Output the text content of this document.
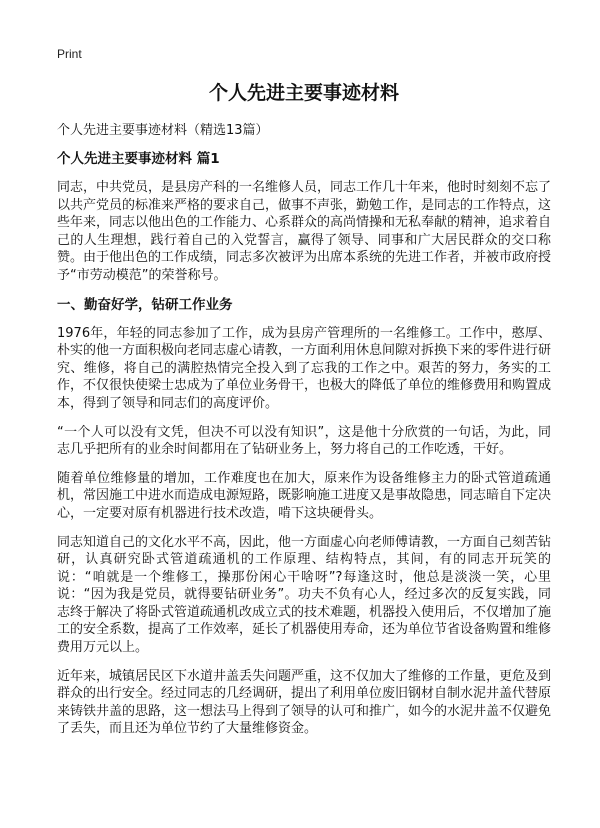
Print
个人先进主要事迹材料
个人先进主要事迹材料（精选13篇）
个人先进主要事迹材料 篇1

同志，中共党员，是县房产科的一名维修人员，同志工作几十年来，他时时刻刻不忘了以共产党员的标准来严格的要求自己，做事不声张，勤勉工作，是同志的工作特点，这些年来，同志以他出色的工作能力、心系群众的高尚情操和无私奉献的精神，追求着自己的人生理想，践行着自己的入党誓言，赢得了领导、同事和广大居民群众的交口称赞。由于他出色的工作成绩，同志多次被评为出席本系统的先进工作者，并被市政府授予“市劳动模范”的荣誉称号。

一、勤奋好学，钻研工作业务

1976年，年轻的同志参加了工作，成为县房产管理所的一名维修工。工作中，憨厚、朴实的他一方面积极向老同志虚心请教，一方面利用休息间隙对拆换下来的零件进行研究、维修，将自己的满腔热情完全投入到了忘我的工作之中。艰苦的努力，务实的工作，不仅很快使梁士忠成为了单位业务骨干，也极大的降低了单位的维修费用和购置成本，得到了领导和同志们的高度评价。

“一个人可以没有文凭，但决不可以没有知识”，这是他十分欣赏的一句话，为此，同志几乎把所有的业余时间都用在了钻研业务上，努力将自己的工作吃透，干好。

随着单位维修量的增加，工作难度也在加大，原来作为设备维修主力的卧式管道疏通机，常因施工中进水而造成电源短路，既影响施工进度又是事故隐患，同志暗自下定决心，一定要对原有机器进行技术改造，啃下这块硬骨头。

同志知道自己的文化水平不高，因此，他一方面虚心向老师傅请教，一方面自己刻苦钻研，认真研究卧式管道疏通机的工作原理、结构特点，其间，有的同志开玩笑的说：“咱就是一个维修工，操那份闲心干啥呀”?每逢这时，他总是淡淡一笑，心里说：“因为我是党员，就得要钻研业务”。功夫不负有心人，经过多次的反复实践，同志终于解决了将卧式管道疏通机改成立式的技术难题，机器投入使用后，不仅增加了施工的安全系数，提高了工作效率，延长了机器使用寿命，还为单位节省设备购置和维修费用万元以上。

近年来，城镇居民区下水道井盖丢失问题严重，这不仅加大了维修的工作量，更危及到群众的出行安全。经过同志的几经调研，提出了利用单位废旧钢材自制水泥井盖代替原来铸铁井盖的思路，这一想法马上得到了领导的认可和推广，如今的水泥井盖不仅避免了丢失，而且还为单位节约了大量维修资金。
